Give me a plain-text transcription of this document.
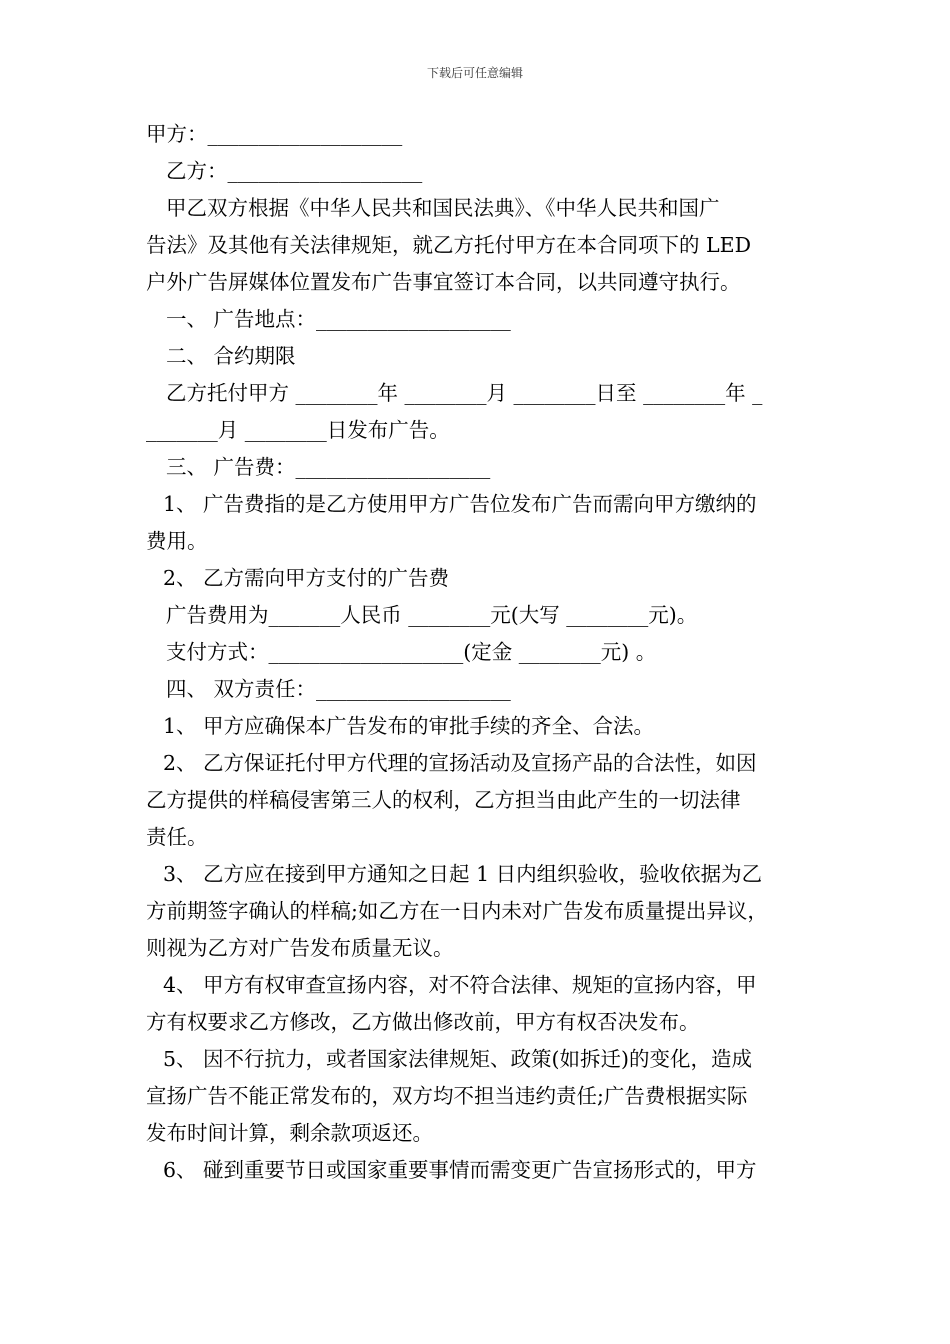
下载后可任意编辑
甲方：___________________
乙方：___________________
甲乙双方根据《中华人民共和国民法典》、《中华人民共和国广
告法》及其他有关法律规矩，就乙方托付甲方在本合同项下的 LED
户外广告屏媒体位置发布广告事宜签订本合同，以共同遵守执行。
一、 广告地点：___________________
二、 合约期限
乙方托付甲方 ________年 ________月 ________日至 ________年 _
_______月 ________日发布广告。
三、 广告费：___________________
1、 广告费指的是乙方使用甲方广告位发布广告而需向甲方缴纳的
费用。
2、 乙方需向甲方支付的广告费
广告费用为_______人民币 ________元(大写 ________元)。
支付方式：___________________(定金 ________元) 。
四、 双方责任：___________________
1、 甲方应确保本广告发布的审批手续的齐全、合法。
2、 乙方保证托付甲方代理的宣扬活动及宣扬产品的合法性，如因
乙方提供的样稿侵害第三人的权利，乙方担当由此产生的一切法律
责任。
3、 乙方应在接到甲方通知之日起 1 日内组织验收，验收依据为乙
方前期签字确认的样稿;如乙方在一日内未对广告发布质量提出异议，
则视为乙方对广告发布质量无议。
4、 甲方有权审查宣扬内容，对不符合法律、规矩的宣扬内容，甲
方有权要求乙方修改，乙方做出修改前，甲方有权否决发布。
5、 因不行抗力，或者国家法律规矩、政策(如拆迁)的变化，造成
宣扬广告不能正常发布的，双方均不担当违约责任;广告费根据实际
发布时间计算，剩余款项返还。
6、 碰到重要节日或国家重要事情而需变更广告宣扬形式的，甲方
